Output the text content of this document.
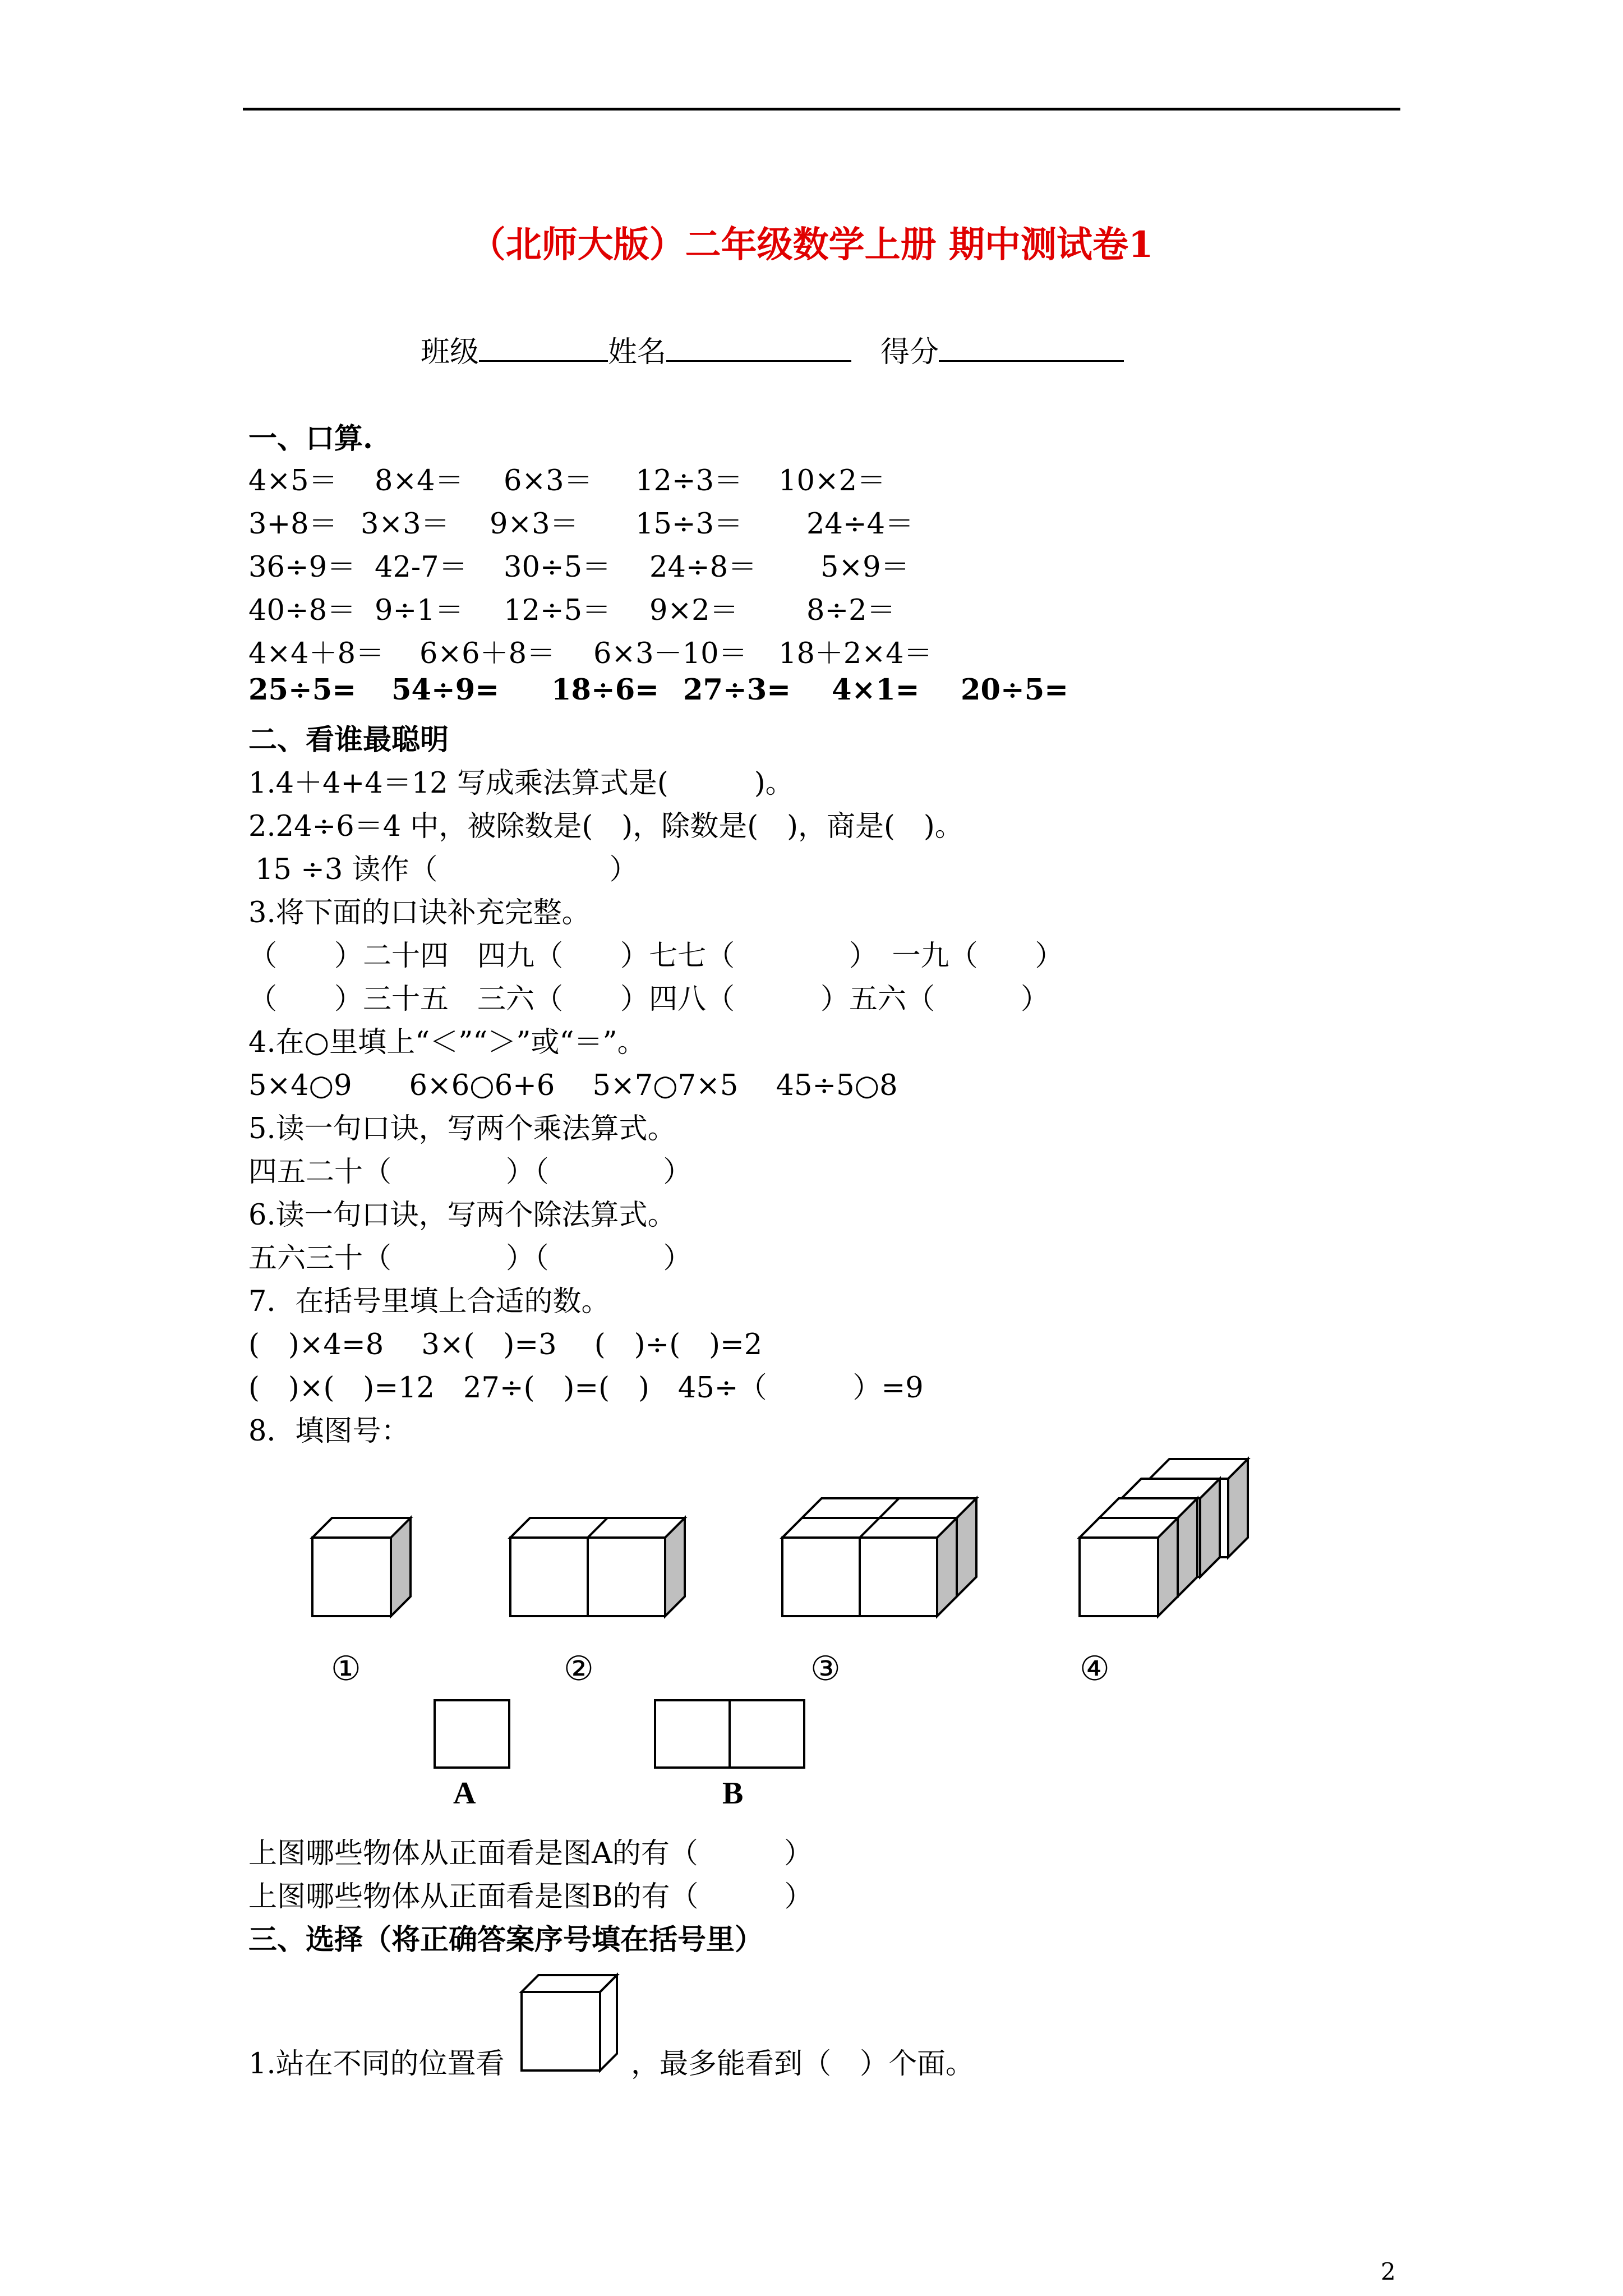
（北师大版）二年级数学上册 期中测试卷1
班级	姓名　	得分
一、口算.
4×5＝ 8×4＝ 6×3＝ 12÷3＝ 10×2＝
3+8＝ 3×3＝ 9×3＝ 15÷3＝ 24÷4＝
36÷9＝ 42-7＝ 30÷5＝ 24÷8＝ 5×9＝
40÷8＝ 9÷1＝ 12÷5＝ 9×2＝ 8÷2＝
4×4＋8＝ 6×6＋8＝ 6×3－10＝ 18＋2×4＝
25÷5= 54÷9= 18÷6= 27÷3= 4×1= 20÷5=
二、看谁最聪明
1.4＋4+4＝12 写成乘法算式是(　　　)。
2.24÷6＝4 中，被除数是(　)，除数是(　)，商是(　)。
15 ÷3 读作（　　　　　　）
3.将下面的口诀补充完整。
（　　）二十四　四九（　　）七七（　　　　）　一九（　　）
（　　）三十五　三六（　　）四八（　　　）五六（　　　）
4.在○里填上“＜”“＞”或“＝”。
5×4○9　　6×6○6+6　 5×7○7×5　 45÷5○8
5.读一句口诀，写两个乘法算式。
四五二十（　　　　）（　　　　）
6.读一句口诀，写两个除法算式。
五六三十（　　　　）（　　　　）
7．在括号里填上合适的数。
(　)×4=8　 3×(　)=3　 (　)÷(　)=2
(　)×(　)=12　27÷(　)=(　)　45÷（　　　）=9
8．填图号：
①	②	③	④
A	B
上图哪些物体从正面看是图A的有（　　　）
上图哪些物体从正面看是图B的有（　　　）
三、选择（将正确答案序号填在括号里）
1.站在不同的位置看	，最多能看到（　）个面。
2
